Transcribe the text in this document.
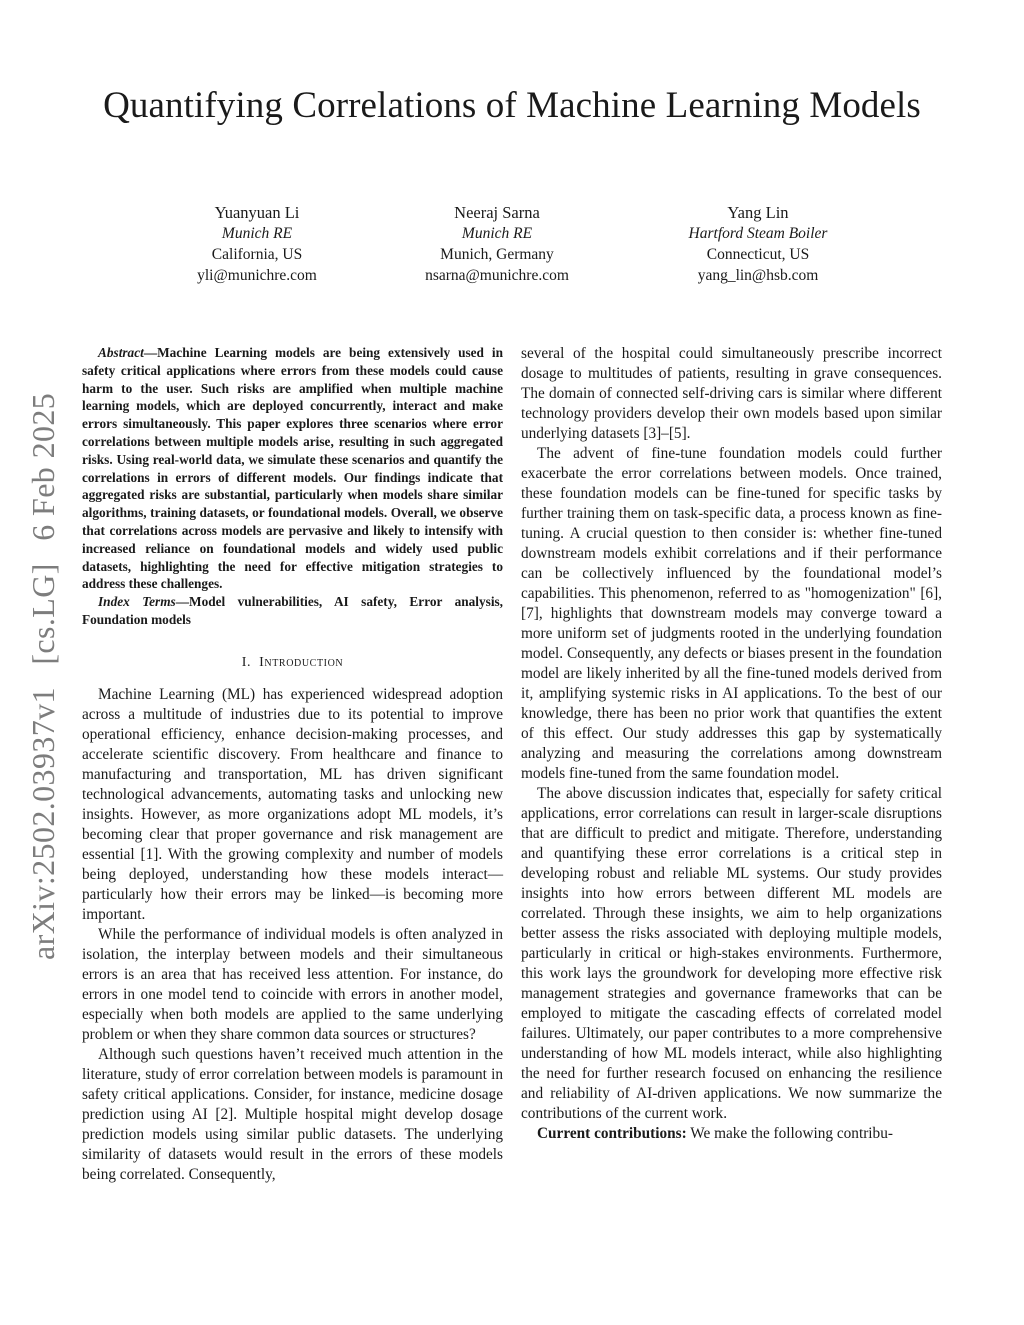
Quantifying Correlations of Machine Learning Models
Yuanyuan Li
Munich RE
California, US
yli@munichre.com
Neeraj Sarna
Munich RE
Munich, Germany
nsarna@munichre.com
Yang Lin
Hartford Steam Boiler
Connecticut, US
yang_lin@hsb.com
arXiv:2502.03937v1 [cs.LG] 6 Feb 2025

Abstract—Machine Learning models are being extensively used in safety critical applications where errors from these models could cause harm to the user. Such risks are amplified when multiple machine learning models, which are deployed concurrently, interact and make errors simultaneously. This paper explores three scenarios where error correlations between multiple models arise, resulting in such aggregated risks. Using real-world data, we simulate these scenarios and quantify the correlations in errors of different models. Our findings indicate that aggregated risks are substantial, particularly when models share similar algorithms, training datasets, or foundational models. Overall, we observe that correlations across models are pervasive and likely to intensify with increased reliance on foundational models and widely used public datasets, highlighting the need for effective mitigation strategies to address these challenges.

Index Terms—Model vulnerabilities, AI safety, Error analysis, Foundation models

I. Introduction

Machine Learning (ML) has experienced widespread adoption across a multitude of industries due to its potential to improve operational efficiency, enhance decision-making processes, and accelerate scientific discovery. From healthcare and finance to manufacturing and transportation, ML has driven significant technological advancements, automating tasks and unlocking new insights. However, as more organizations adopt ML models, it’s becoming clear that proper governance and risk management are essential [1]. With the growing complexity and number of models being deployed, understanding how these models interact—particularly how their errors may be linked—is becoming more important.

While the performance of individual models is often analyzed in isolation, the interplay between models and their simultaneous errors is an area that has received less attention. For instance, do errors in one model tend to coincide with errors in another model, especially when both models are applied to the same underlying problem or when they share common data sources or structures?

Although such questions haven’t received much attention in the literature, study of error correlation between models is paramount in safety critical applications. Consider, for instance, medicine dosage prediction using AI [2]. Multiple hospital might develop dosage prediction models using similar public datasets. The underlying similarity of datasets would result in the errors of these models being correlated. Consequently,

several of the hospital could simultaneously prescribe incorrect dosage to multitudes of patients, resulting in grave consequences. The domain of connected self-driving cars is similar where different technology providers develop their own models based upon similar underlying datasets [3]–[5].

The advent of fine-tune foundation models could further exacerbate the error correlations between models. Once trained, these foundation models can be fine-tuned for specific tasks by further training them on task-specific data, a process known as fine-tuning. A crucial question to then consider is: whether fine-tuned downstream models exhibit correlations and if their performance can be collectively influenced by the foundational model’s capabilities. This phenomenon, referred to as "homogenization" [6], [7], highlights that downstream models may converge toward a more uniform set of judgments rooted in the underlying foundation model. Consequently, any defects or biases present in the foundation model are likely inherited by all the fine-tuned models derived from it, amplifying systemic risks in AI applications. To the best of our knowledge, there has been no prior work that quantifies the extent of this effect. Our study addresses this gap by systematically analyzing and measuring the correlations among downstream models fine-tuned from the same foundation model.

The above discussion indicates that, especially for safety critical applications, error correlations can result in larger-scale disruptions that are difficult to predict and mitigate. Therefore, understanding and quantifying these error correlations is a critical step in developing robust and reliable ML systems. Our study provides insights into how errors between different ML models are correlated. Through these insights, we aim to help organizations better assess the risks associated with deploying multiple models, particularly in critical or high-stakes environments. Furthermore, this work lays the groundwork for developing more effective risk management strategies and governance frameworks that can be employed to mitigate the cascading effects of correlated model failures. Ultimately, our paper contributes to a more comprehensive understanding of how ML models interact, while also highlighting the need for further research focused on enhancing the resilience and reliability of AI-driven applications. We now summarize the contributions of the current work.

Current contributions: We make the following contribu-
